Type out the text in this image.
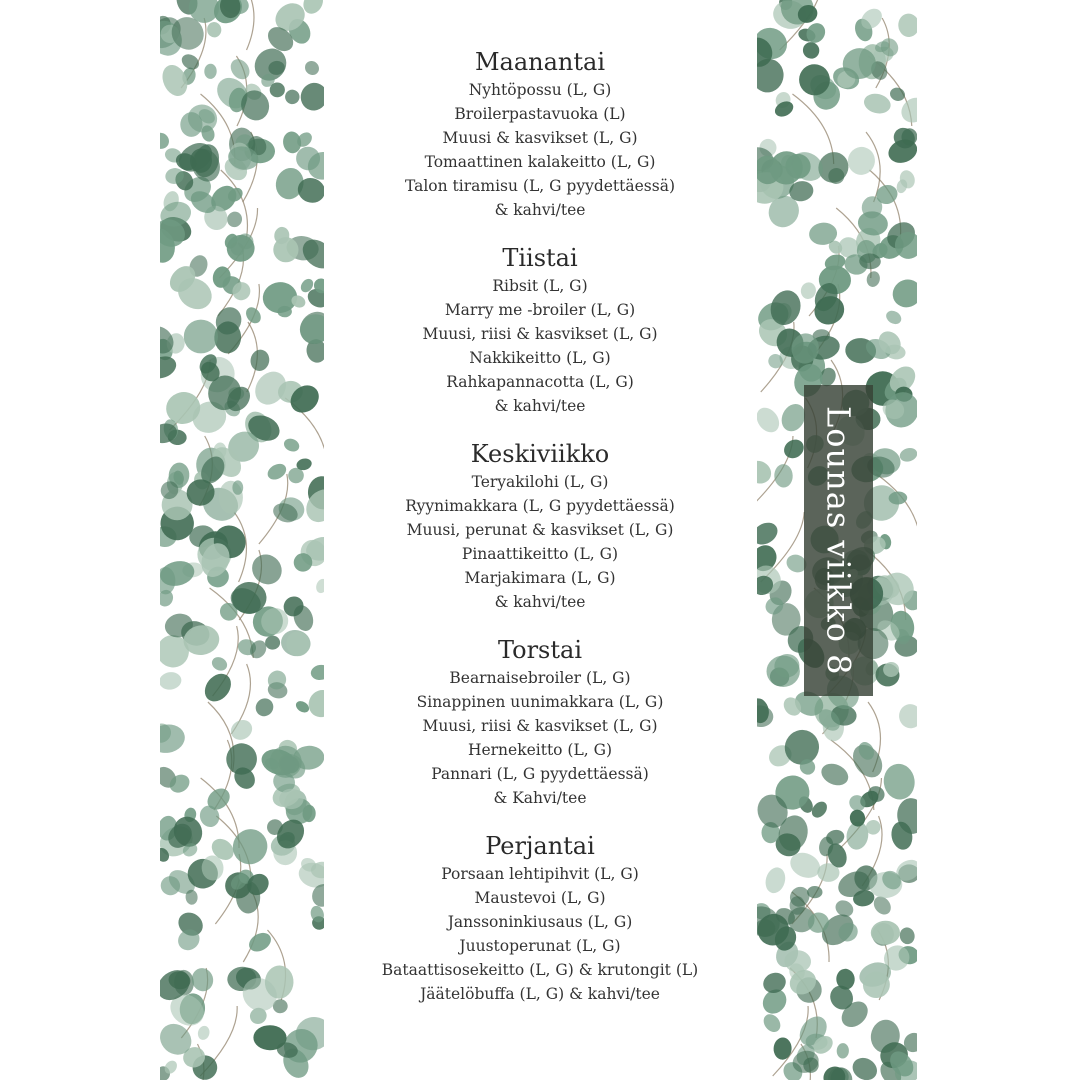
Maanantai
Nyhtöpossu (L, G)
Broilerpastavuoka (L)
Muusi & kasvikset (L, G)
Tomaattinen kalakeitto (L, G)
Talon tiramisu (L, G pyydettäessä)
& kahvi/tee
Tiistai
Ribsit (L, G)
Marry me -broiler (L, G)
Muusi, riisi & kasvikset (L, G)
Nakkikeitto (L, G)
Rahkapannacotta (L, G)
& kahvi/tee
Keskiviikko
Teryakilohi (L, G)
Ryynimakkara (L, G pyydettäessä)
Muusi, perunat & kasvikset (L, G)
Pinaattikeitto (L, G)
Marjakimara (L, G)
& kahvi/tee
Torstai
Bearnaisebroiler (L, G)
Sinappinen uunimakkara (L, G)
Muusi, riisi & kasvikset (L, G)
Hernekeitto (L, G)
Pannari (L, G pyydettäessä)
& Kahvi/tee
Perjantai
Porsaan lehtipihvit (L, G)
Maustevoi (L, G)
Janssoninkiusaus (L, G)
Juustoperunat (L, G)
Bataattisosekeitto (L, G) & krutongit (L)
Jäätelöbuffa (L, G) & kahvi/tee
Lounas viikko 8
